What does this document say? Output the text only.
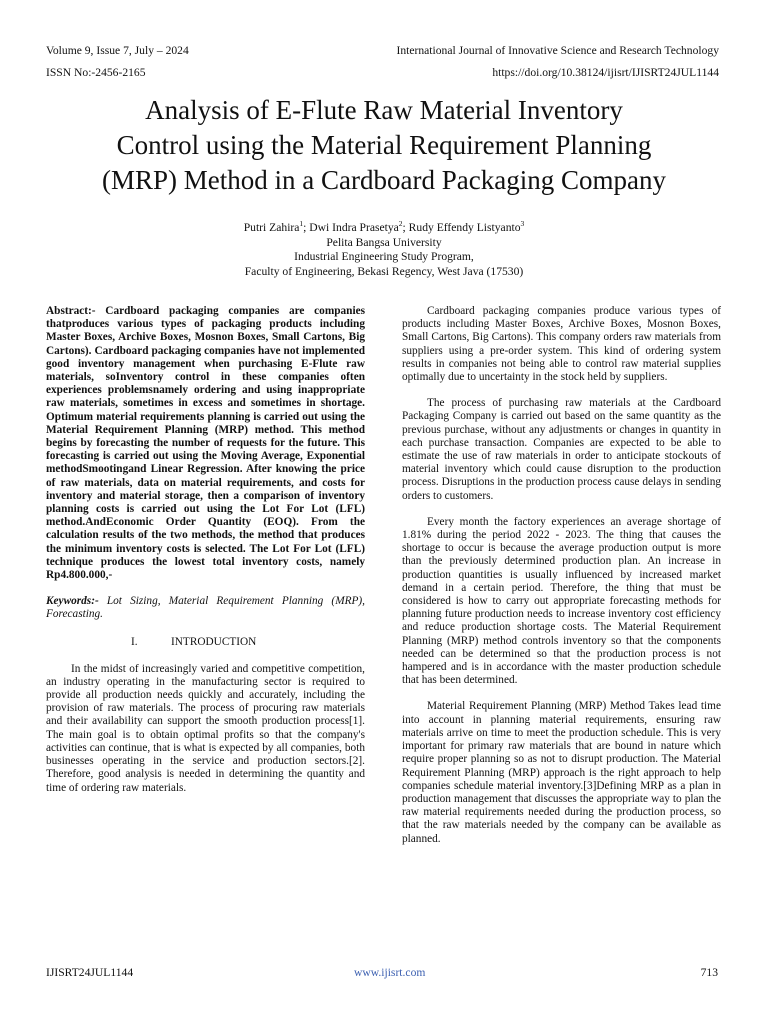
Volume 9, Issue 7, July – 2024	International Journal of Innovative Science and Research Technology
ISSN No:-2456-2165	https://doi.org/10.38124/ijisrt/IJISRT24JUL1144
Analysis of E-Flute Raw Material Inventory
Control using the Material Requirement Planning
(MRP) Method in a Cardboard Packaging Company
Putri Zahira$^1$; Dwi Indra Prasetya$^2$; Rudy Effendy Listyanto$^3$
Pelita Bangsa University
Industrial Engineering Study Program,
Faculty of Engineering, Bekasi Regency, West Java (17530)

Abstract:- Cardboard packaging companies are companies thatproduces various types of packaging products including Master Boxes, Archive Boxes, Mosnon Boxes, Small Cartons, Big Cartons). Cardboard packaging companies have not implemented good inventory management when purchasing E-Flute raw materials, soInventory control in these companies often experiences problemsnamely ordering and using inappropriate raw materials, sometimes in excess and sometimes in shortage. Optimum material requirements planning is carried out using the Material Requirement Planning (MRP) method. This method begins by forecasting the number of requests for the future. This forecasting is carried out using the Moving Average, Exponential methodSmootingand Linear Regression. After knowing the price of raw materials, data on material requirements, and costs for inventory and material storage, then a comparison of inventory planning costs is carried out using the Lot For Lot (LFL) method.AndEconomic Order Quantity (EOQ). From the calculation results of the two methods, the method that produces the minimum inventory costs is selected. The Lot For Lot (LFL) technique produces the lowest total inventory costs, namely Rp4.800.000,-

Keywords:- Lot Sizing, Material Requirement Planning (MRP), Forecasting.

I.	INTRODUCTION

In the midst of increasingly varied and competitive competition, an industry operating in the manufacturing sector is required to provide all production needs quickly and accurately, including the provision of raw materials. The process of procuring raw materials and their availability can support the smooth production process[1]. The main goal is to obtain optimal profits so that the company's activities can continue, that is what is expected by all companies, both businesses operating in the service and production sectors.[2]. Therefore, good analysis is needed in determining the quantity and time of ordering raw materials.

Cardboard packaging companies produce various types of products including Master Boxes, Archive Boxes, Mosnon Boxes, Small Cartons, Big Cartons). This company orders raw materials from suppliers using a pre-order system. This kind of ordering system results in companies not being able to control raw material supplies optimally due to uncertainty in the stock held by suppliers.

The process of purchasing raw materials at the Cardboard Packaging Company is carried out based on the same quantity as the previous purchase, without any adjustments or changes in quantity in each purchase transaction. Companies are expected to be able to estimate the use of raw materials in order to anticipate stockouts of material inventory which could cause disruption to the production process. Disruptions in the production process cause delays in sending orders to customers.

Every month the factory experiences an average shortage of 1.81% during the period 2022 - 2023. The thing that causes the shortage to occur is because the average production output is more than the previously determined production plan. An increase in production quantities is usually influenced by increased market demand in a certain period. Therefore, the thing that must be considered is how to carry out appropriate forecasting methods for planning future production needs to increase inventory cost efficiency and reduce production shortage costs. The Material Requirement Planning (MRP) method controls inventory so that the components needed can be determined so that the production process is not hampered and is in accordance with the master production schedule that has been determined.

Material Requirement Planning (MRP) Method Takes lead time into account in planning material requirements, ensuring raw materials arrive on time to meet the production schedule. This is very important for primary raw materials that are bound in nature which require proper planning so as not to disrupt production. The Material Requirement Planning (MRP) approach is the right approach to help companies schedule material inventory.[3]Defining MRP as a plan in production management that discusses the appropriate way to plan the raw material requirements needed during the production process, so that the raw materials needed by the company can be available as planned.

IJISRT24JUL1144	www.ijisrt.com	713
